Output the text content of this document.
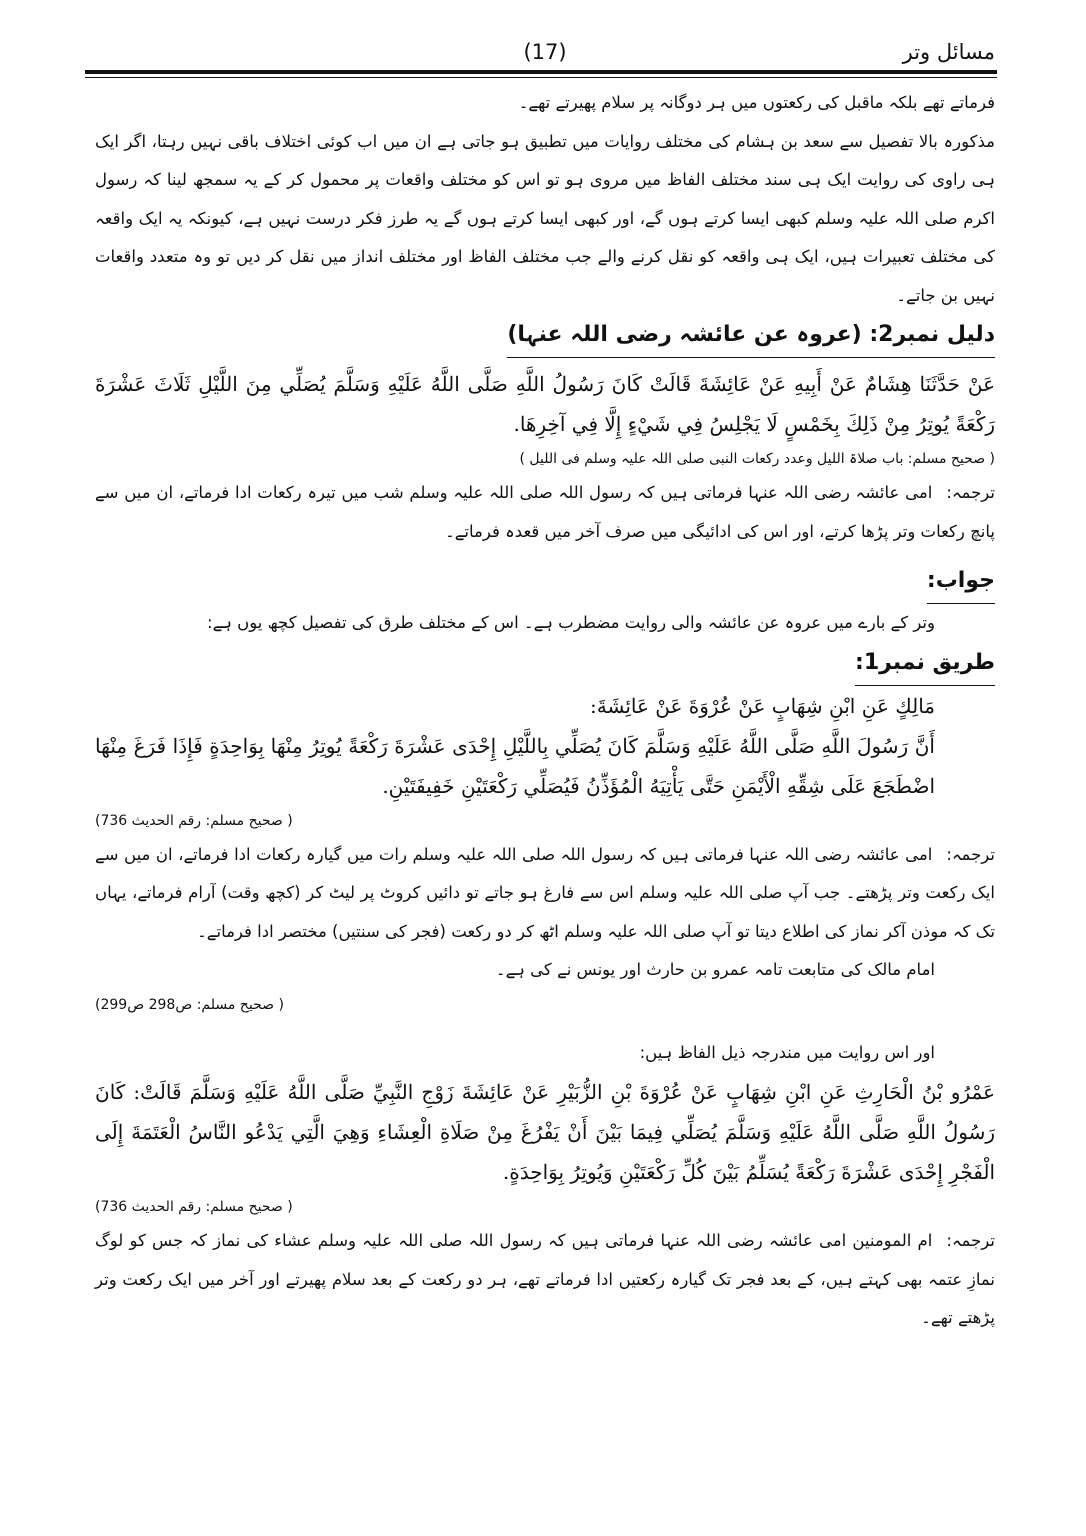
مسائل وتر
(17)

فرماتے تھے بلکہ ماقبل کی رکعتوں میں ہر دوگانہ پر سلام پھیرتے تھے۔

مذکورہ بالا تفصیل سے سعد بن ہشام کی مختلف روایات میں تطبیق ہو جاتی ہے ان میں اب کوئی اختلاف باقی نہیں رہتا، اگر ایک ہی راوی کی روایت ایک ہی سند مختلف الفاظ میں مروی ہو تو اس کو مختلف واقعات پر محمول کر کے یہ سمجھ لینا کہ رسول اکرم صلی اللہ علیہ وسلم کبھی ایسا کرتے ہوں گے، اور کبھی ایسا کرتے ہوں گے یہ طرز فکر درست نہیں ہے، کیونکہ یہ ایک واقعہ کی مختلف تعبیرات ہیں، ایک ہی واقعہ کو نقل کرنے والے جب مختلف الفاظ اور مختلف انداز میں نقل کر دیں تو وہ متعدد واقعات نہیں بن جاتے۔

دلیل نمبر2: (عروہ عن عائشہ رضی اللہ عنہا)

عَنْ حَدَّثَنَا هِشَامٌ عَنْ أَبِيهِ عَنْ عَائِشَةَ قَالَتْ كَانَ رَسُولُ اللَّهِ صَلَّى اللَّهُ عَلَيْهِ وَسَلَّمَ يُصَلِّي مِنَ اللَّيْلِ ثَلَاثَ عَشْرَةَ رَكْعَةً يُوتِرُ مِنْ ذَلِكَ بِخَمْسٍ لَا يَجْلِسُ فِي شَيْءٍ إِلَّا فِي آخِرِهَا.

( صحیح مسلم: باب صلاۃ اللیل وعدد رکعات النبی صلی اللہ علیہ وسلم فی اللیل )

ترجمہ:امی عائشہ رضی اللہ عنہا فرماتی ہیں کہ رسول اللہ صلی اللہ علیہ وسلم شب میں تیرہ رکعات ادا فرماتے، ان میں سے پانچ رکعات وتر پڑھا کرتے، اور اس کی ادائیگی میں صرف آخر میں قعدہ فرماتے۔

جواب:

وتر کے بارے میں عروہ عن عائشہ والی روایت مضطرب ہے۔ اس کے مختلف طرق کی تفصیل کچھ یوں ہے:

طریق نمبر1:

مَالِكٍ عَنِ ابْنِ شِهَابٍ عَنْ عُرْوَةَ عَنْ عَائِشَةَ:

أَنَّ رَسُولَ اللَّهِ صَلَّى اللَّهُ عَلَيْهِ وَسَلَّمَ كَانَ يُصَلِّي بِاللَّيْلِ إِحْدَى عَشْرَةَ رَكْعَةً يُوتِرُ مِنْهَا بِوَاحِدَةٍ فَإِذَا فَرَغَ مِنْهَا اضْطَجَعَ عَلَى شِقِّهِ الْأَيْمَنِ حَتَّى يَأْتِيَهُ الْمُؤَذِّنُ فَيُصَلِّي رَكْعَتَيْنِ خَفِيفَتَيْنِ.

( صحیح مسلم: رقم الحدیث 736)

ترجمہ:امی عائشہ رضی اللہ عنہا فرماتی ہیں کہ رسول اللہ صلی اللہ علیہ وسلم رات میں گیارہ رکعات ادا فرماتے، ان میں سے ایک رکعت وتر پڑھتے۔ جب آپ صلی اللہ علیہ وسلم اس سے فارغ ہو جاتے تو دائیں کروٹ پر لیٹ کر (کچھ وقت) آرام فرماتے، یہاں تک کہ موذن آکر نماز کی اطلاع دیتا تو آپ صلی اللہ علیہ وسلم اٹھ کر دو رکعت (فجر کی سنتیں) مختصر ادا فرماتے۔

امام مالک کی متابعت تامہ عمرو بن حارث اور یونس نے کی ہے۔

( صحیح مسلم: ص298 ص299)

اور اس روایت میں مندرجہ ذیل الفاظ ہیں:

عَمْرُو بْنُ الْحَارِثِ عَنِ ابْنِ شِهَابٍ عَنْ عُرْوَةَ بْنِ الزُّبَيْرِ عَنْ عَائِشَةَ زَوْجِ النَّبِيِّ صَلَّى اللَّهُ عَلَيْهِ وَسَلَّمَ قَالَتْ: كَانَ رَسُولُ اللَّهِ صَلَّى اللَّهُ عَلَيْهِ وَسَلَّمَ يُصَلِّي فِيمَا بَيْنَ أَنْ يَفْرُغَ مِنْ صَلَاةِ الْعِشَاءِ وَهِيَ الَّتِي يَدْعُو النَّاسُ الْعَتَمَةَ إِلَى الْفَجْرِ إِحْدَى عَشْرَةَ رَكْعَةً يُسَلِّمُ بَيْنَ كُلِّ رَكْعَتَيْنِ وَيُوتِرُ بِوَاحِدَةٍ.

( صحیح مسلم: رقم الحدیث 736)

ترجمہ:ام المومنین امی عائشہ رضی اللہ عنہا فرماتی ہیں کہ رسول اللہ صلی اللہ علیہ وسلم عشاء کی نماز کہ جس کو لوگ نمازِ عتمہ بھی کہتے ہیں، کے بعد فجر تک گیارہ رکعتیں ادا فرماتے تھے، ہر دو رکعت کے بعد سلام پھیرتے اور آخر میں ایک رکعت وتر پڑھتے تھے۔
